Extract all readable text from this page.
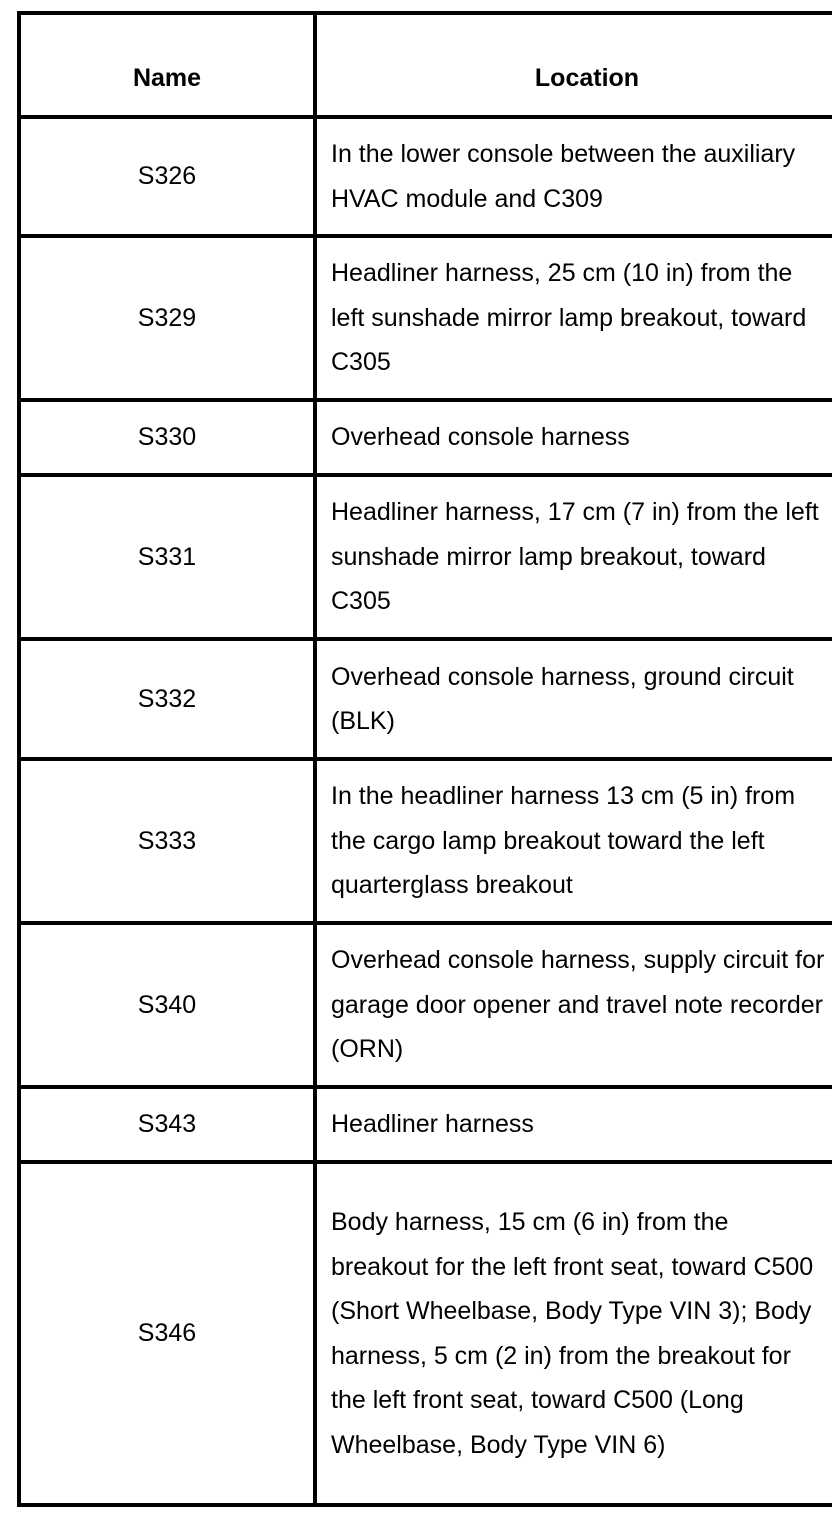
Name	Location
S326	In the lower console between the auxiliary HVAC module and C309
S329	Headliner harness, 25 cm (10 in) from the left sunshade mirror lamp breakout, toward C305
S330	Overhead console harness
S331	Headliner harness, 17 cm (7 in) from the left sunshade mirror lamp breakout, toward C305
S332	Overhead console harness, ground circuit (BLK)
S333	In the headliner harness 13 cm (5 in) from the cargo lamp breakout toward the left quarterglass breakout
S340	Overhead console harness, supply circuit for garage door opener and travel note recorder (ORN)
S343	Headliner harness
S346	Body harness, 15 cm (6 in) from the breakout for the left front seat, toward C500 (Short Wheelbase, Body Type VIN 3); Body harness, 5 cm (2 in) from the breakout for the left front seat, toward C500 (Long Wheelbase, Body Type VIN 6)
